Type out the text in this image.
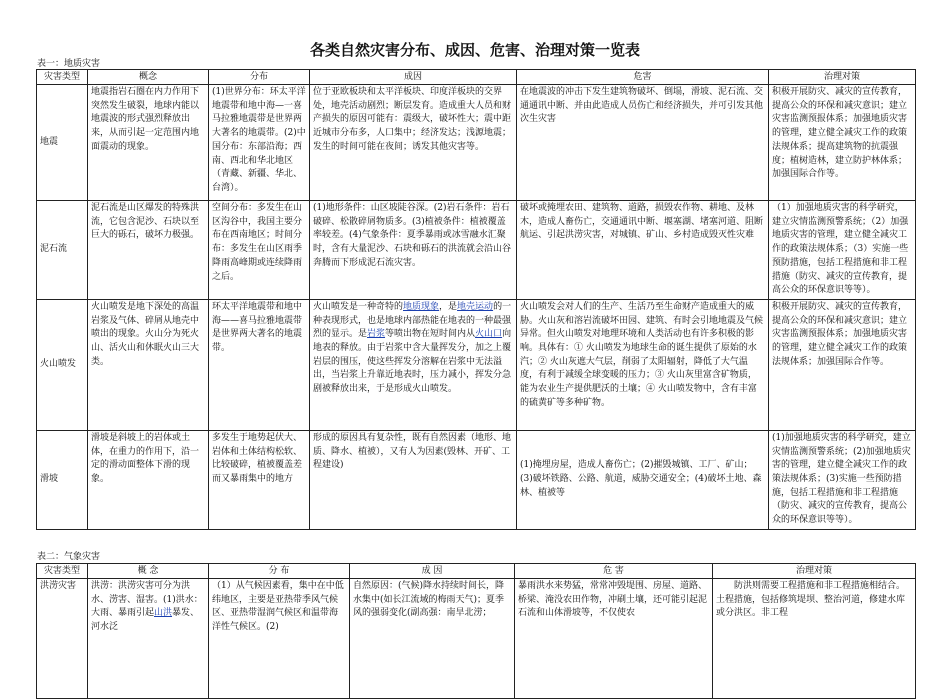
各类自然灾害分布、成因、危害、治理对策一览表
表一：地质灾害
灾害类型	概念	分布	成因	危害	治理对策
地震	地震指岩石圈在内力作用下突然发生破裂，地球内能以地震波的形式强烈释放出来，从而引起一定范围内地面震动的现象。	(1)世界分布：环太平洋地震带和地中海—一喜马拉雅地震带是世界两大著名的地震带。(2)中国分布：东部沿海；西南、西北和华北地区（青藏、新疆、华北、台湾）。	位于亚欧板块和太平洋板块、印度洋板块的交界处，地壳活动剧烈；断层发育。造成重大人员和财产损失的原因可能有：震级大，破坏性大；震中距近城市分布多，人口集中；经济发达；浅源地震；发生的时间可能在夜间；诱发其他灾害等。	在地震波的冲击下发生建筑物破坏、倒塌，滑坡、泥石流、交通通讯中断、并由此造成人员伤亡和经济损失，并可引发其他次生灾害	积极开展防灾、减灾的宣传教育，提高公众的环保和减灾意识；建立灾害监测预报体系；加强地质灾害的管理，建立健全减灾工作的政策法规体系；提高建筑物的抗震强度；植树造林，建立防护林体系；加强国际合作等。
泥石流	泥石流是山区爆发的特殊洪流，它包含泥沙、石块以至巨大的砾石，破坏力极强。	空间分布：多发生在山区沟谷中，我国主要分布在西南地区；时间分布：多发生在山区雨季降雨高峰期或连续降雨之后。	(1)地形条件：山区坡陡谷深。(2)岩石条件：岩石破碎、松散碎屑物质多。(3)植被条件：植被覆盖率较差。(4)气象条件：夏季暴雨或冰雪融水汇聚时，含有大量泥沙、石块和砾石的洪流就会沿山谷奔腾而下形成泥石流灾害。	破坏或掩埋农田、建筑物、道路，损毁农作物、耕地、及林木，造成人畜伤亡，交通通讯中断、堰塞湖、堵塞河道、阻断航运、引起洪涝灾害，对城镇、矿山、乡村造成毁灭性灾难	（1）加强地质灾害的科学研究，建立灾情监测预警系统；（2）加强地质灾害的管理，建立健全减灾工作的政策法规体系；（3）实施一些预防措施，包括工程措施和非工程措施（防灾、减灾的宣传教育，提高公众的环保意识等等）。
火山喷发	火山喷发是地下深处的高温岩浆及气体、碎屑从地壳中喷出的现象。火山分为死火山、活火山和休眠火山三大类。	环太平洋地震带和地中海——喜马拉雅地震带是世界两大著名的地震带。	火山喷发是一种奇特的地质现象，是地壳运动的一种表现形式，也是地球内部热能在地表的一种最强烈的显示。是岩浆等喷出物在短时间内从火山口向地表的释放。由于岩浆中含大量挥发分，加之上覆岩层的围压，使这些挥发分溶解在岩浆中无法溢出，当岩浆上升靠近地表时，压力减小，挥发分急剧被释放出来，于是形成火山喷发。	火山喷发会对人们的生产、生活乃至生命财产造成重大的威胁。火山灰和溶岩流破坏田园、建筑、有时会引地地震及气候异常。但火山喷发对地理环境和人类活动也有许多积极的影响。具体有：① 火山喷发为地球生命的诞生提供了原始的水汽；② 火山灰遮大气层，削弱了太阳辐射，降低了大气温度，有利于减缓全球变暖的压力；③ 火山灰里富含矿物质，能为农业生产提供肥沃的土壤；④ 火山喷发物中，含有丰富的硫黄矿等多种矿物。	积极开展防灾、减灾的宣传教育，提高公众的环保和减灾意识；建立灾害监测预报体系；加强地质灾害的管理，建立健全减灾工作的政策法规体系；加强国际合作等。
滑坡	滑坡是斜坡上的岩体或土体，在重力的作用下，沿一定的滑动面整体下滑的现象。	多发生于地势起伏大、岩体和土体结构松软、比较破碎，植被覆盖差而又暴雨集中的地方	形成的原因具有复杂性，既有自然因素（地形、地质、降水、植被），又有人为因素(毁林、开矿、工程建设)	(1)掩埋房屋，造成人畜伤亡；(2)摧毁城镇、工厂、矿山；(3)破坏铁路、公路、航道，威胁交通安全；(4)破坏土地、森林、植被等	(1)加强地质灾害的科学研究，建立灾情监测预警系统；(2)加强地质灾害的管理，建立健全减灾工作的政策法规体系；(3)实施一些预防措施，包括工程措施和非工程措施（防灾、减灾的宣传教育，提高公众的环保意识等等）。
表二：气象灾害
灾害类型	概 念	分 布	成 因	危 害	治理对策
洪涝灾害	洪涝：洪涝灾害可分为洪水、涝害、湿害。(1)洪水：大雨、暴雨引起山洪暴发、河水泛	（1）从气候因素看，集中在中低纬地区，主要是亚热带季风气候区、亚热带湿润气候区和温带海洋性气候区。(2)	自然原因：(气候)降水持续时间长，降水集中(如长江流域的梅雨天气)；夏季风的强弱变化(副高强：南旱北涝；	暴雨洪水来势猛，常常冲毁堤围、房屋、道路、桥梁、淹没农田作物，冲刷土壤，还可能引起泥石流和山体滑坡等，不仅使农	防洪则需要工程措施和非工程措施相结合。土程措施，包括修筑堤坝、整治河道，修建水库或分洪区。非工程
